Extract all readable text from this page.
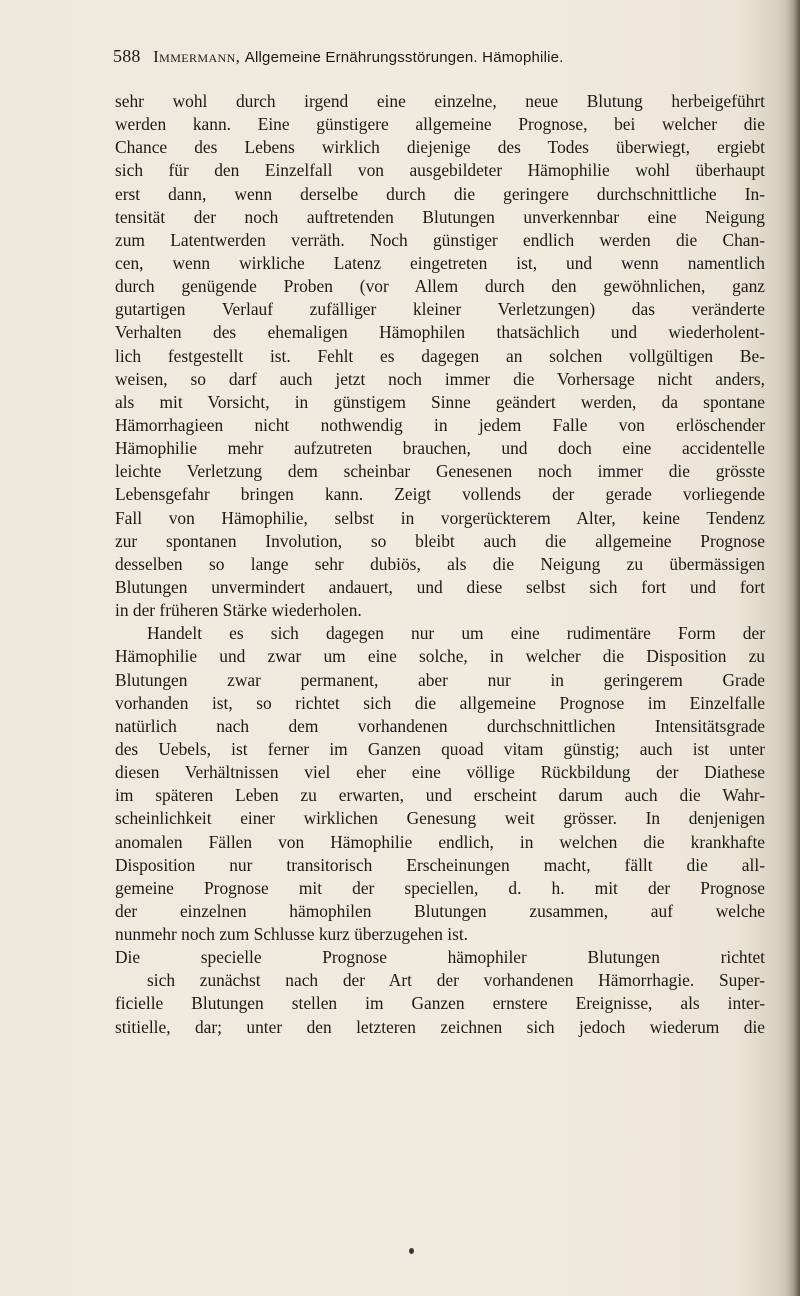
588 Immermann, Allgemeine Ernährungsstörungen. Hämophilie.
sehr wohl durch irgend eine einzelne, neue Blutung herbeigeführt
werden kann. Eine günstigere allgemeine Prognose, bei welcher die
Chance des Lebens wirklich diejenige des Todes überwiegt, ergiebt
sich für den Einzelfall von ausgebildeter Hämophilie wohl überhaupt
erst dann, wenn derselbe durch die geringere durchschnittliche In-
tensität der noch auftretenden Blutungen unverkennbar eine Neigung
zum Latentwerden verräth. Noch günstiger endlich werden die Chan-
cen, wenn wirkliche Latenz eingetreten ist, und wenn namentlich
durch genügende Proben (vor Allem durch den gewöhnlichen, ganz
gutartigen Verlauf zufälliger kleiner Verletzungen) das veränderte
Verhalten des ehemaligen Hämophilen thatsächlich und wiederholent-
lich festgestellt ist. Fehlt es dagegen an solchen vollgültigen Be-
weisen, so darf auch jetzt noch immer die Vorhersage nicht anders,
als mit Vorsicht, in günstigem Sinne geändert werden, da spontane
Hämorrhagieen nicht nothwendig in jedem Falle von erlöschender
Hämophilie mehr aufzutreten brauchen, und doch eine accidentelle
leichte Verletzung dem scheinbar Genesenen noch immer die grösste
Lebensgefahr bringen kann. Zeigt vollends der gerade vorliegende
Fall von Hämophilie, selbst in vorgerückterem Alter, keine Tendenz
zur spontanen Involution, so bleibt auch die allgemeine Prognose
desselben so lange sehr dubiös, als die Neigung zu übermässigen
Blutungen unvermindert andauert, und diese selbst sich fort und fort
in der früheren Stärke wiederholen.
Handelt es sich dagegen nur um eine rudimentäre Form der
Hämophilie und zwar um eine solche, in welcher die Disposition zu
Blutungen zwar permanent, aber nur in geringerem Grade
vorhanden ist, so richtet sich die allgemeine Prognose im Einzelfalle
natürlich nach dem vorhandenen durchschnittlichen Intensitätsgrade
des Uebels, ist ferner im Ganzen quoad vitam günstig; auch ist unter
diesen Verhältnissen viel eher eine völlige Rückbildung der Diathese
im späteren Leben zu erwarten, und erscheint darum auch die Wahr-
scheinlichkeit einer wirklichen Genesung weit grösser. In denjenigen
anomalen Fällen von Hämophilie endlich, in welchen die krankhafte
Disposition nur transitorisch Erscheinungen macht, fällt die all-
gemeine Prognose mit der speciellen, d. h. mit der Prognose
der einzelnen hämophilen Blutungen zusammen, auf welche
nunmehr noch zum Schlusse kurz überzugehen ist.
Die specielle Prognose hämophiler Blutungen richtet
sich zunächst nach der Art der vorhandenen Hämorrhagie. Super-
ficielle Blutungen stellen im Ganzen ernstere Ereignisse, als inter-
stitielle, dar; unter den letzteren zeichnen sich jedoch wiederum die
